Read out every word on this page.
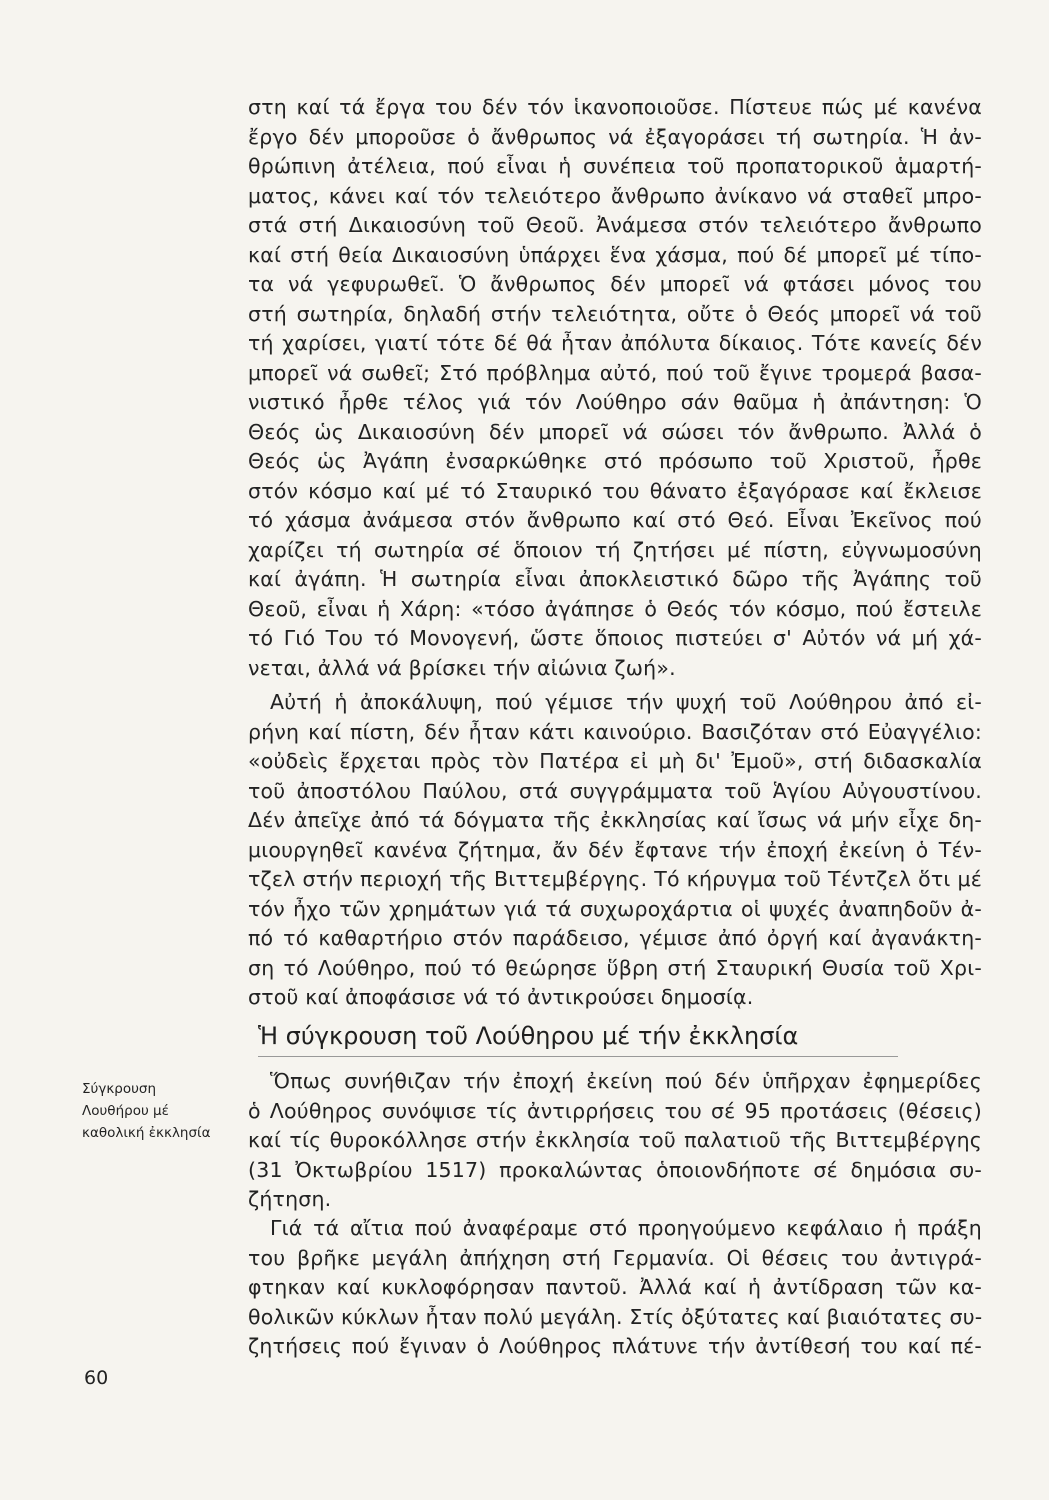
στη καί τά ἔργα του δέν τόν ἱκανοποιοῦσε. Πίστευε πώς μέ κανένα
ἔργο δέν μποροῦσε ὁ ἄνθρωπος νά ἐξαγοράσει τή σωτηρία. Ἡ ἀν-
θρώπινη ἀτέλεια, πού εἶναι ἡ συνέπεια τοῦ προπατορικοῦ ἁμαρτή-
ματος, κάνει καί τόν τελειότερο ἄνθρωπο ἀνίκανο νά σταθεῖ μπρο-
στά στή Δικαιοσύνη τοῦ Θεοῦ. Ἀνάμεσα στόν τελειότερο ἄνθρωπο
καί στή θεία Δικαιοσύνη ὑπάρχει ἕνα χάσμα, πού δέ μπορεῖ μέ τίπο-
τα νά γεφυρωθεῖ. Ὁ ἄνθρωπος δέν μπορεῖ νά φτάσει μόνος του
στή σωτηρία, δηλαδή στήν τελειότητα, οὔτε ὁ Θεός μπορεῖ νά τοῦ
τή χαρίσει, γιατί τότε δέ θά ἦταν ἀπόλυτα δίκαιος. Τότε κανείς δέν
μπορεῖ νά σωθεῖ; Στό πρόβλημα αὐτό, πού τοῦ ἔγινε τρομερά βασα-
νιστικό ἦρθε τέλος γιά τόν Λούθηρο σάν θαῦμα ἡ ἀπάντηση: Ὁ
Θεός ὡς Δικαιοσύνη δέν μπορεῖ νά σώσει τόν ἄνθρωπο. Ἀλλά ὁ
Θεός ὡς Ἀγάπη ἐνσαρκώθηκε στό πρόσωπο τοῦ Χριστοῦ, ἦρθε
στόν κόσμο καί μέ τό Σταυρικό του θάνατο ἐξαγόρασε καί ἔκλεισε
τό χάσμα ἀνάμεσα στόν ἄνθρωπο καί στό Θεό. Εἶναι Ἐκεῖνος πού
χαρίζει τή σωτηρία σέ ὅποιον τή ζητήσει μέ πίστη, εὐγνωμοσύνη
καί ἀγάπη. Ἡ σωτηρία εἶναι ἀποκλειστικό δῶρο τῆς Ἀγάπης τοῦ
Θεοῦ, εἶναι ἡ Χάρη: «τόσο ἀγάπησε ὁ Θεός τόν κόσμο, πού ἔστειλε
τό Γιό Του τό Μονογενή, ὥστε ὅποιος πιστεύει σ' Αὐτόν νά μή χά-
νεται, ἀλλά νά βρίσκει τήν αἰώνια ζωή».
Αὐτή ἡ ἀποκάλυψη, πού γέμισε τήν ψυχή τοῦ Λούθηρου ἀπό εἰ-
ρήνη καί πίστη, δέν ἦταν κάτι καινούριο. Βασιζόταν στό Εὐαγγέλιο:
«οὐδεὶς ἔρχεται πρὸς τὸν Πατέρα εἰ μὴ δι' Ἐμοῦ», στή διδασκαλία
τοῦ ἀποστόλου Παύλου, στά συγγράμματα τοῦ Ἁγίου Αὐγουστίνου.
Δέν ἀπεῖχε ἀπό τά δόγματα τῆς ἐκκλησίας καί ἴσως νά μήν εἶχε δη-
μιουργηθεῖ κανένα ζήτημα, ἄν δέν ἔφτανε τήν ἐποχή ἐκείνη ὁ Τέν-
τζελ στήν περιοχή τῆς Βιττεμβέργης. Τό κήρυγμα τοῦ Τέντζελ ὅτι μέ
τόν ἦχο τῶν χρημάτων γιά τά συχωροχάρτια οἱ ψυχές ἀναπηδοῦν ἀ-
πό τό καθαρτήριο στόν παράδεισο, γέμισε ἀπό ὀργή καί ἀγανάκτη-
ση τό Λούθηρο, πού τό θεώρησε ὕβρη στή Σταυρική Θυσία τοῦ Χρι-
στοῦ καί ἀποφάσισε νά τό ἀντικρούσει δημοσίᾳ.
Ἡ σύγκρουση τοῦ Λούθηρου μέ τήν ἐκκλησία
Σύγκρουση
Λουθήρου μέ
καθολική ἐκκλησία
Ὅπως συνήθιζαν τήν ἐποχή ἐκείνη πού δέν ὑπῆρχαν ἐφημερίδες
ὁ Λούθηρος συνόψισε τίς ἀντιρρήσεις του σέ 95 προτάσεις (θέσεις)
καί τίς θυροκόλλησε στήν ἐκκλησία τοῦ παλατιοῦ τῆς Βιττεμβέργης
(31 Ὀκτωβρίου 1517) προκαλώντας ὁποιονδήποτε σέ δημόσια συ-
ζήτηση.
Γιά τά αἴτια πού ἀναφέραμε στό προηγούμενο κεφάλαιο ἡ πράξη
του βρῆκε μεγάλη ἀπήχηση στή Γερμανία. Οἱ θέσεις του ἀντιγρά-
φτηκαν καί κυκλοφόρησαν παντοῦ. Ἀλλά καί ἡ ἀντίδραση τῶν κα-
θολικῶν κύκλων ἦταν πολύ μεγάλη. Στίς ὀξύτατες καί βιαιότατες συ-
ζητήσεις πού ἔγιναν ὁ Λούθηρος πλάτυνε τήν ἀντίθεσή του καί πέ-
60
